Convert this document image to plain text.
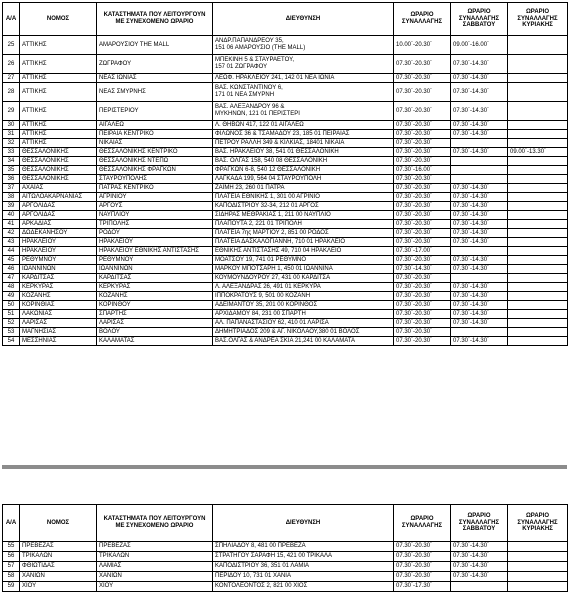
Α/Α	ΝΟΜΟΣ	ΚΑΤΑΣΤΗΜΑΤΑ ΠΟΥ ΛΕΙΤΟΥΡΓΟΥΝ ΜΕ ΣΥΝΕΧΟΜΕΝΟ ΩΡΑΡΙΟ	ΔΙΕΥΘΥΝΣΗ	ΩΡΑΡΙΟ ΣΥΝΑΛΛΑΓΗΣ	ΩΡΑΡΙΟ ΣΥΝΑΛΛΑΓΗΣ ΣΑΒΒΑΤΟΥ	ΩΡΑΡΙΟ ΣΥΝΑΛΛΑΓΗΣ ΚΥΡΙΑΚΗΣ
25	ΑΤΤΙΚΗΣ	ΑΜΑΡΟΥΣΙΟΥ THE MALL	ΑΝΔΡ.ΠΑΠΑΝΔΡΕΟΥ 35,
151 06 ΑΜΑΡΟΥΣΙΟ (THE MALL)	10.00΄-20.30΄	09.00΄-16.00΄	
26	ΑΤΤΙΚΗΣ	ΖΩΓΡΑΦΟΥ	ΜΠΕΚΙΝΗ 5 & ΣΤΑΥΡΑΕΤΟΥ,
157 01 ΖΩΓΡΑΦΟΥ	07.30΄-20.30΄	07.30΄-14.30΄	
27	ΑΤΤΙΚΗΣ	ΝΕΑΣ ΙΩΝΙΑΣ	ΛΕΩΦ. ΗΡΑΚΛΕΙΟΥ 241, 142 01 ΝΕΑ ΙΩΝΙΑ	07.30΄-20.30΄	07.30΄-14.30΄	
28	ΑΤΤΙΚΗΣ	ΝΕΑΣ ΣΜΥΡΝΗΣ	ΒΑΣ. ΚΩΝΣΤΑΝΤΙΝΟΥ 6,
171 01 ΝΕΑ ΣΜΥΡΝΗ	07.30΄-20.30΄	07.30΄-14.30΄	
29	ΑΤΤΙΚΗΣ	ΠΕΡΙΣΤΕΡΙΟΥ	ΒΑΣ. ΑΛΕΞΑΝΔΡΟΥ 96 &
ΜΥΚΗΝΩΝ, 121 01 ΠΕΡΙΣΤΕΡΙ	07.30΄-20.30΄	07.30΄-14.30΄	
30	ΑΤΤΙΚΗΣ	ΑΙΓΑΛΕΩ	Λ. ΘΗΒΩΝ 417, 122 01 ΑΙΓΑΛΕΩ	07.30΄-20.30΄	07.30΄-14.30΄	
31	ΑΤΤΙΚΗΣ	ΠΕΙΡΑΙΑ ΚΕΝΤΡΙΚΟ	ΦΙΛΩΝΟΣ 36 & ΤΣΑΜΑΔΟΥ 23, 185 01 ΠΕΙΡΑΙΑΣ	07.30΄-20.30΄	07.30΄-14.30΄	
32	ΑΤΤΙΚΗΣ	ΝΙΚΑΙΑΣ	ΠΕΤΡΟΥ ΡΑΛΛΗ 349 & ΚΙΛΚΙΑΣ, 18401 ΝΙΚΑΙΑ	07.30΄-20.30΄		
33	ΘΕΣΣΑΛΟΝΙΚΗΣ	ΘΕΣΣΑΛΟΝΙΚΗΣ ΚΕΝΤΡΙΚΟ	ΒΑΣ. ΗΡΑΚΛΕΙΟΥ 38, 541 01 ΘΕΣΣΑΛΟΝΙΚΗ	07.30΄-20.30΄	07.30΄-14.30΄	09.00΄-13.30΄
34	ΘΕΣΣΑΛΟΝΙΚΗΣ	ΘΕΣΣΑΛΟΝΙΚΗΣ ΝΤΕΠΩ	ΒΑΣ. ΟΛΓΑΣ 158, 540 08 ΘΕΣΣΑΛΟΝΙΚΗ	07.30΄-20.30΄		
35	ΘΕΣΣΑΛΟΝΙΚΗΣ	ΘΕΣΣΑΛΟΝΙΚΗΣ ΦΡΑΓΚΩΝ	ΦΡΑΓΚΩΝ 6-8, 540 12 ΘΕΣΣΑΛΟΝΙΚΗ	07.30΄-16.00΄		
36	ΘΕΣΣΑΛΟΝΙΚΗΣ	ΣΤΑΥΡΟΥΠΟΛΗΣ	ΛΑΓΚΑΔΑ 199, 564 04 ΣΤΑΥΡΟΥΠΟΛΗ	07.30΄-20.30΄		
37	ΑΧΑΪΑΣ	ΠΑΤΡΑΣ ΚΕΝΤΡΙΚΟ	ΖΑΪΜΗ 23, 260 01 ΠΑΤΡΑ	07.30΄-20.30΄	07.30΄-14.30΄	
38	ΑΙΤΩΛΟΑΚΑΡΝΑΝΙΑΣ	ΑΓΡΙΝΙΟΥ	ΠΛΑΤΕΙΑ ΕΘΝΙΚΗΣ 1, 301 00 ΑΓΡΙΝΙΟ	07.30΄-20.30΄	07.30΄-14.30΄	
39	ΑΡΓΟΛΙΔΑΣ	ΑΡΓΟΥΣ	ΚΑΠΟΔΙΣΤΡΙΟΥ 32-34, 212 01 ΑΡΓΟΣ	07.30΄-20.30΄	07.30΄-14.30΄	
40	ΑΡΓΟΛΙΔΑΣ	ΝΑΥΠΛΙΟΥ	ΣΙΔΗΡΑΣ ΜΕΘΡΑΚΙΑΣ 1, 211 00 ΝΑΥΠΛΙΟ	07.30΄-20.30΄	07.30΄-14.30΄	
41	ΑΡΚΑΔΙΑΣ	ΤΡΙΠΟΛΗΣ	ΠΛΑΠΟΥΤΑ 2, 221 01 ΤΡΙΠΟΛΗ	07.30΄-20.30΄	07.30΄-14.30΄	
42	ΔΩΔΕΚΑΝΗΣΟΥ	ΡΟΔΟΥ	ΠΛΑΤΕΙΑ 7ης ΜΑΡΤΙΟΥ 2, 851 00 ΡΟΔΟΣ	07.30΄-20.30΄	07.30΄-14.30΄	
43	ΗΡΑΚΛΕΙΟΥ	ΗΡΑΚΛΕΙΟΥ	ΠΛΑΤΕΙΑ ΔΑΣΚΑΛΟΓΙΑΝΝΗ, 710 01 ΗΡΑΚΛΕΙΟ	07.30΄-20.30΄	07.30΄-14.30΄	
44	ΗΡΑΚΛΕΙΟΥ	ΗΡΑΚΛΕΙΟΥ ΕΘΝΙΚΗΣ ΑΝΤΙΣΤΑΣΗΣ	ΕΘΝΙΚΗΣ ΑΝΤΙΣΤΑΣΗΣ 49, 710 04 ΗΡΑΚΛΕΙΟ	07.30΄-17.00΄		
45	ΡΕΘΥΜΝΟΥ	ΡΕΘΥΜΝΟΥ	ΜΟΑΤΣΟΥ 19, 741 01 ΡΕΘΥΜΝΟ	07.30΄-20.30΄	07.30΄-14.30΄	
46	ΙΩΑΝΝΙΝΩΝ	ΙΩΑΝΝΙΝΩΝ	ΜΑΡΚΟΥ ΜΠΟΤΣΑΡΗ 1, 450 01 ΙΩΑΝΝΙΝΑ	07.30΄-14.30΄	07.30΄-14.30΄	
47	ΚΑΡΔΙΤΣΑΣ	ΚΑΡΔΙΤΣΑΣ	ΚΟΥΜΟΥΝΔΟΥΡΟΥ 27, 431 00 ΚΑΡΔΙΤΣΑ	07.30΄-20.30΄		
48	ΚΕΡΚΥΡΑΣ	ΚΕΡΚΥΡΑΣ	Λ. ΑΛΕΞΑΝΔΡΑΣ 26, 491 01 ΚΕΡΚΥΡΑ	07.30΄-20.30΄	07.30΄-14.30΄	
49	ΚΟΖΑΝΗΣ	ΚΟΖΑΝΗΣ	ΙΠΠΟΚΡΑΤΟΥΣ 9, 501 00 ΚΟΖΑΝΗ	07.30΄-20.30΄	07.30΄-14.30΄	
50	ΚΟΡΙΝΘΙΑΣ	ΚΟΡΙΝΘΟΥ	ΑΔΕΙΜΑΝΤΟΥ 35, 201 00 ΚΟΡΙΝΘΟΣ	07.30΄-20.30΄	07.30΄-14.30΄	
51	ΛΑΚΩΝΙΑΣ	ΣΠΑΡΤΗΣ	ΑΡΧΙΔΑΜΟΥ 84, 231 00 ΣΠΑΡΤΗ	07.30΄-20.30΄	07.30΄-14.30΄	
52	ΛΑΡΙΣΑΣ	ΛΑΡΙΣΑΣ	ΑΛ. ΠΑΠΑΝΑΣΤΑΣΙΟΥ 62, 410 01 ΛΑΡΙΣΑ	07.30΄-20.30΄	07.30΄-14.30΄	
53	ΜΑΓΝΗΣΙΑΣ	ΒΟΛΟΥ	ΔΗΜΗΤΡΙΑΔΟΣ 209 & ΑΓ. ΝΙΚΟΛΑΟΥ,380 01 ΒΟΛΟΣ	07.30΄-20.30΄		
54	ΜΕΣΣΗΝΙΑΣ	ΚΑΛΑΜΑΤΑΣ	ΒΑΣ.ΟΛΓΑΣ & ΑΝΔΡΕΑ ΣΚΙΑ 21,241 00 ΚΑΛΑΜΑΤΑ	07.30΄-20.30΄	07.30΄-14.30΄	
Α/Α	ΝΟΜΟΣ	ΚΑΤΑΣΤΗΜΑΤΑ ΠΟΥ ΛΕΙΤΟΥΡΓΟΥΝ ΜΕ ΣΥΝΕΧΟΜΕΝΟ ΩΡΑΡΙΟ	ΔΙΕΥΘΥΝΣΗ	ΩΡΑΡΙΟ ΣΥΝΑΛΛΑΓΗΣ	ΩΡΑΡΙΟ ΣΥΝΑΛΛΑΓΗΣ ΣΑΒΒΑΤΟΥ	ΩΡΑΡΙΟ ΣΥΝΑΛΛΑΓΗΣ ΚΥΡΙΑΚΗΣ
55	ΠΡΕΒΕΖΑΣ	ΠΡΕΒΕΖΑΣ	ΣΠΗΛΙΑΔΟΥ 8, 481 00 ΠΡΕΒΕΖΑ	07.30΄-20.30΄	07.30΄-14.30΄	
56	ΤΡΙΚΑΛΩΝ	ΤΡΙΚΑΛΩΝ	ΣΤΡΑΤΗΓΟΥ ΣΑΡΑΦΗ 15, 421 00 ΤΡΙΚΑΛΑ	07.30΄-20.30΄	07.30΄-14.30΄	
57	ΦΘΙΩΤΙΔΑΣ	ΛΑΜΙΑΣ	ΚΑΠΟΔΙΣΤΡΙΟΥ 36, 351 01 ΛΑΜΙΑ	07.30΄-20.30΄	07.30΄-14.30΄	
58	ΧΑΝΙΩΝ	ΧΑΝΙΩΝ	ΠΕΡΙΔΟΥ 10, 731 01 ΧΑΝΙΑ	07.30΄-20.30΄	07.30΄-14.30΄	
59	ΧΙΟΥ	ΧΙΟΥ	ΚΟΝΤΟΛΕΟΝΤΟΣ 2, 821 00 ΧΙΟΣ	07.30΄-17.30΄		
